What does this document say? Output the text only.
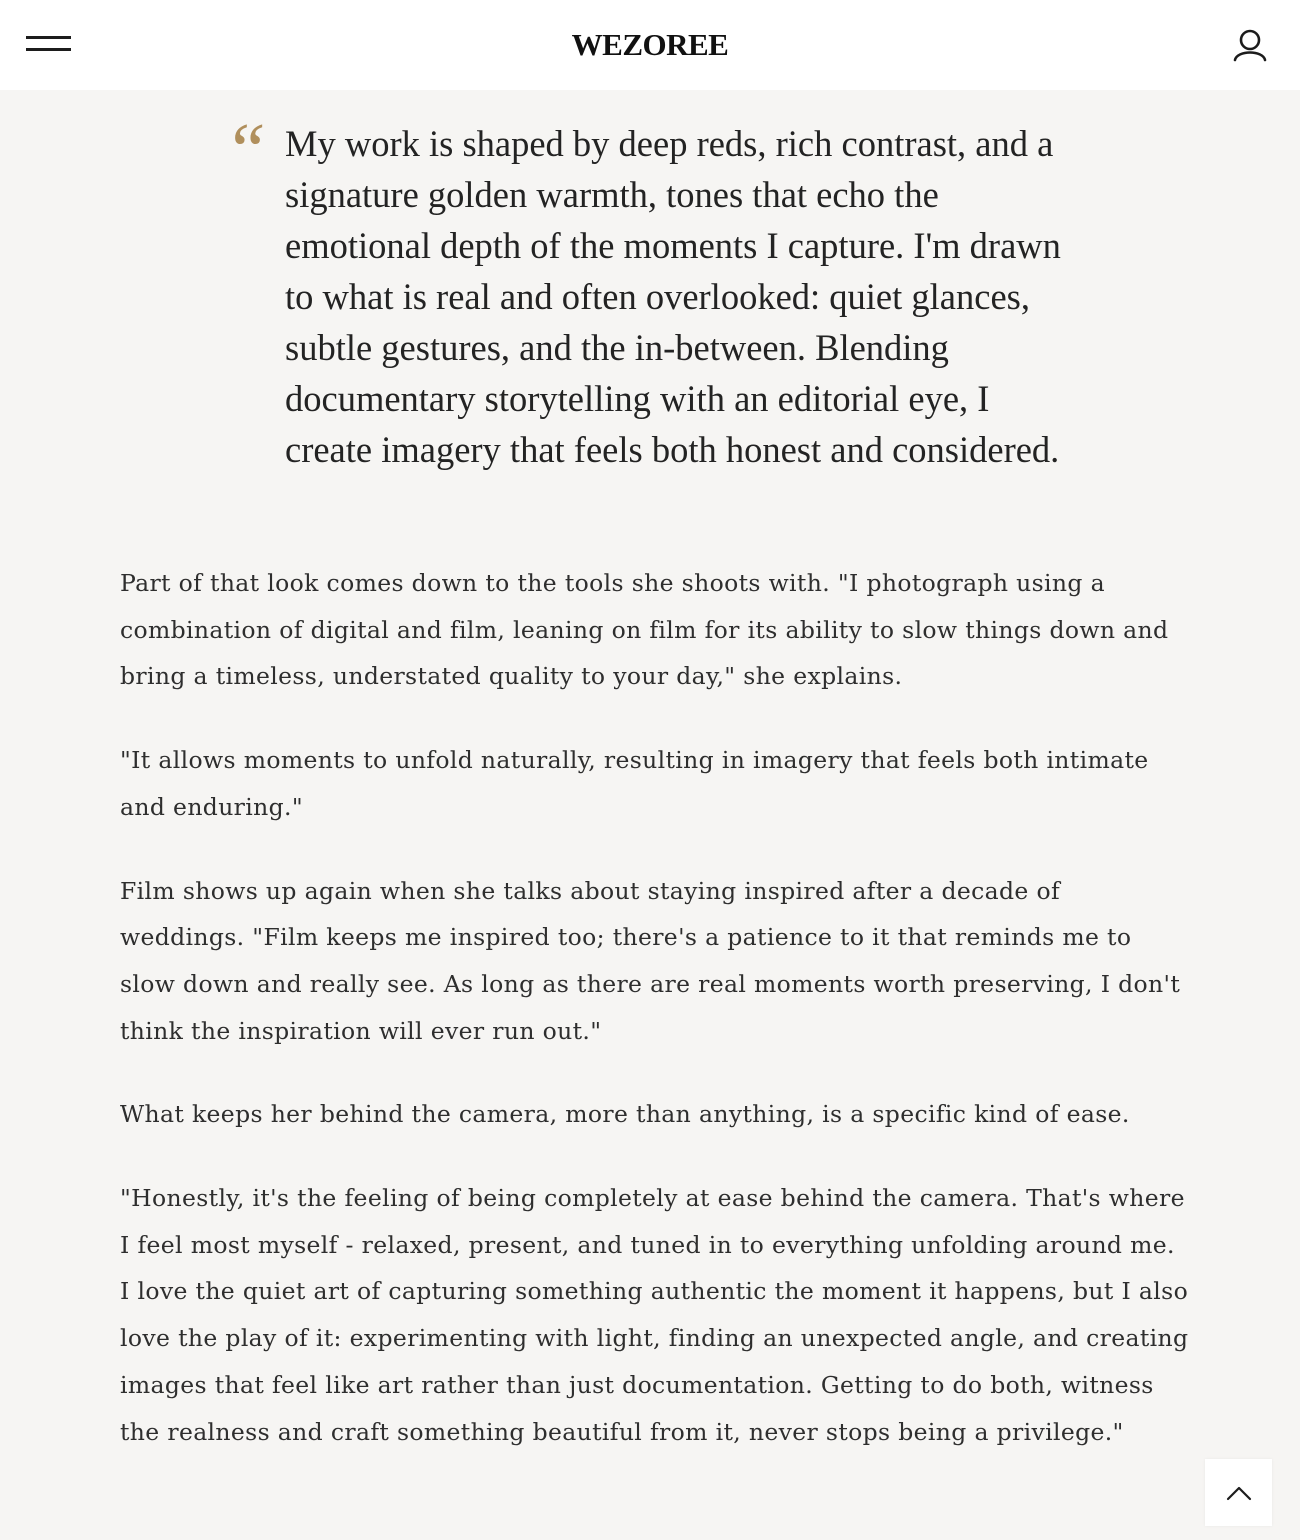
WEZOREE
“ My work is shaped by deep reds, rich contrast, and a signature golden warmth, tones that echo the emotional depth of the moments I capture. I'm drawn to what is real and often overlooked: quiet glances, subtle gestures, and the in-between. Blending documentary storytelling with an editorial eye, I create imagery that feels both honest and considered.

Part of that look comes down to the tools she shoots with. "I photograph using a combination of digital and film, leaning on film for its ability to slow things down and bring a timeless, understated quality to your day," she explains.

"It allows moments to unfold naturally, resulting in imagery that feels both intimate and enduring."

Film shows up again when she talks about staying inspired after a decade of weddings. "Film keeps me inspired too; there's a patience to it that reminds me to slow down and really see. As long as there are real moments worth preserving, I don't think the inspiration will ever run out."

What keeps her behind the camera, more than anything, is a specific kind of ease.

"Honestly, it's the feeling of being completely at ease behind the camera. That's where I feel most myself - relaxed, present, and tuned in to everything unfolding around me. I love the quiet art of capturing something authentic the moment it happens, but I also love the play of it: experimenting with light, finding an unexpected angle, and creating images that feel like art rather than just documentation. Getting to do both, witness the realness and craft something beautiful from it, never stops being a privilege."
